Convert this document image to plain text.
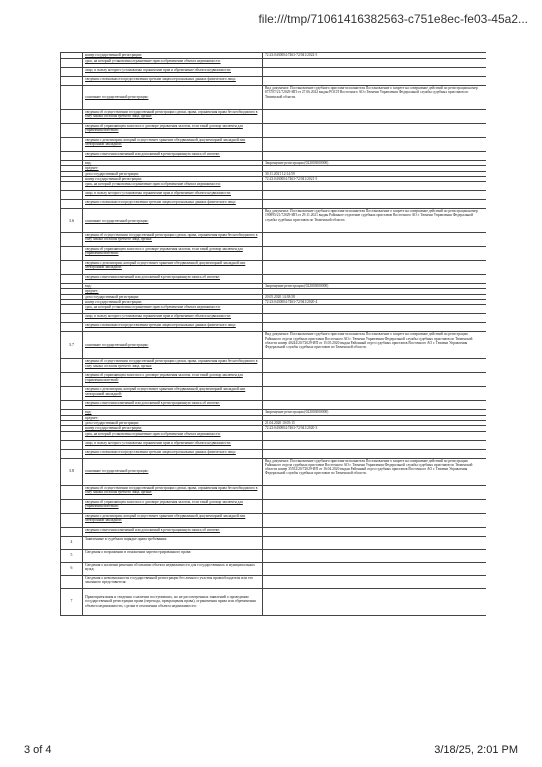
file:///tmp/71061416382563-c751e8ec-fe03-45a2...
	номер государственной регистрации:	72:23:0430004:7463-72/041/2022-5
	срок, на который установлены ограничение прав и обременение объекта недвижимости:	
	лицо, в пользу которого установлены ограничение прав и обременение объекта недвижимости:	
	сведения о возможности предоставления третьим лицам персональных данных физического лица:	
	основание государственной регистрации:	Вид документа: Постановление судебного пристава-исполнителя Постановление о запрете на совершение действий по регистрации номер 873707/21/72029-ИП от 27.06.2022 выдан РОСП Восточного АО г.Тюмени Управления Федеральной службы судебных приставов по Тюменской области.
	сведения об осуществлении государственной регистрации сделки, права, ограничения права без необходимого в силу закона согласия третьего лица, органа:	
	сведения об управляющем залогом и о договоре управления залогом, если такой договор заключен для управления ипотекой:	
	сведения о депозитарии, который осуществляет хранение обездвиженной документарной закладной или электронной закладной:	
	сведения о внесении изменений или дополнений в регистрационную запись об ипотеке:	
	вид:	Запрещение регистрации (022003000000)
	предмет:	
	дата государственной регистрации:	30.11.2021 12:14:59
	номер государственной регистрации:	72:23:0430004:7463-72/041/2021-5
	срок, на который установлены ограничение прав и обременение объекта недвижимости:	
	лицо, в пользу которого установлены ограничение прав и обременение объекта недвижимости:	
	сведения о возможности предоставления третьим лицам персональных данных физического лица:	
3.6	основание государственной регистрации:	Вид документа: Постановление судебного пристава-исполнителя Постановление о запрете на совершение действий по регистрации номер 190895/21/72029-ИП от 29.11.2021 выдан Районное отделение судебных приставов Восточного АО г. Тюмени Управления Федеральной службы судебных приставов по Тюменской области.
	сведения об осуществлении государственной регистрации сделки, права, ограничения права без необходимого в силу закона согласия третьего лица, органа:	
	сведения об управляющем залогом и о договоре управления залогом, если такой договор заключен для управления ипотекой:	
	сведения о депозитарии, который осуществляет хранение обездвиженной документарной закладной или электронной закладной:	
	сведения о внесении изменений или дополнений в регистрационную запись об ипотеке:	
	вид:	Запрещение регистрации (022003000000)
	предмет:	
	дата государственной регистрации:	20.05.2020 14:38:58
	номер государственной регистрации:	72:23:0430004:7463-72/041/2020-4
	срок, на который установлены ограничение прав и обременение объекта недвижимости:	
	лицо, в пользу которого установлены ограничение прав и обременение объекта недвижимости:	
	сведения о возможности предоставления третьим лицам персональных данных физического лица:	
3.7	основание государственной регистрации:	Вид документа: Постановление судебного пристава-исполнителя Постановление о запрете на совершение действий по регистрации Районного отдела судебных приставов Восточного АО г. Тюмени Управления Федеральной службы судебных приставов по Тюменской области номер 40244/20/72029-ИП от 15.05.2020 выдан Районный отдел судебных приставов Восточного АО г. Тюмени Управления Федеральной службы судебных приставов по Тюменской области.
	сведения об осуществлении государственной регистрации сделки, права, ограничения права без необходимого в силу закона согласия третьего лица, органа:	
	сведения об управляющем залогом и о договоре управления залогом, если такой договор заключен для управления ипотекой:	
	сведения о депозитарии, который осуществляет хранение обездвиженной документарной закладной или электронной закладной:	
	сведения о внесении изменений или дополнений в регистрационную запись об ипотеке:	
	вид:	Запрещение регистрации (022003000000)
	предмет:	
	дата государственной регистрации:	21.04.2020 10:05:15
	номер государственной регистрации:	72:23:0430004:7463-72/041/2020-3
	срок, на который установлены ограничение прав и обременение объекта недвижимости:	
	лицо, в пользу которого установлены ограничение прав и обременение объекта недвижимости:	
	сведения о возможности предоставления третьим лицам персональных данных физического лица:	
3.8	основание государственной регистрации:	Вид документа: Постановление судебного пристава-исполнителя Постановление о запрете на совершение действий по регистрации Районного отдела судебных приставов Восточного АО г. Тюмени Управления Федеральной службы судебных приставов по Тюменской области номер 35552/20/72029-ИП от 16.04.2020 выдан Районный отдел судебных приставов Восточного АО г. Тюмени Управления Федеральной службы судебных приставов по Тюменской области.
	сведения об осуществлении государственной регистрации сделки, права, ограничения права без необходимого в силу закона согласия третьего лица, органа:	
	сведения об управляющем залогом и о договоре управления залогом, если такой договор заключен для управления ипотекой:	
	сведения о депозитарии, который осуществляет хранение обездвиженной документарной закладной или электронной закладной:	
	сведения о внесении изменений или дополнений в регистрационную запись об ипотеке:	
4	Заявленные в судебном порядке права требования:	
5	Сведения о возражении в отношении зарегистрированного права:	
6	Сведения о наличии решения об изъятии объекта недвижимости для государственных и муниципальных нужд:	
	Сведения о невозможности государственной регистрации без личного участия правообладателя или его законного представителя:	
7	Правопритязания и сведения о наличии поступивших, но не рассмотренных заявлений о проведении государственной регистрации права (перехода, прекращения права), ограничения права или обременения объекта недвижимости, сделки в отношении объекта недвижимости:	
3 of 4	3/18/25, 2:01 PM
